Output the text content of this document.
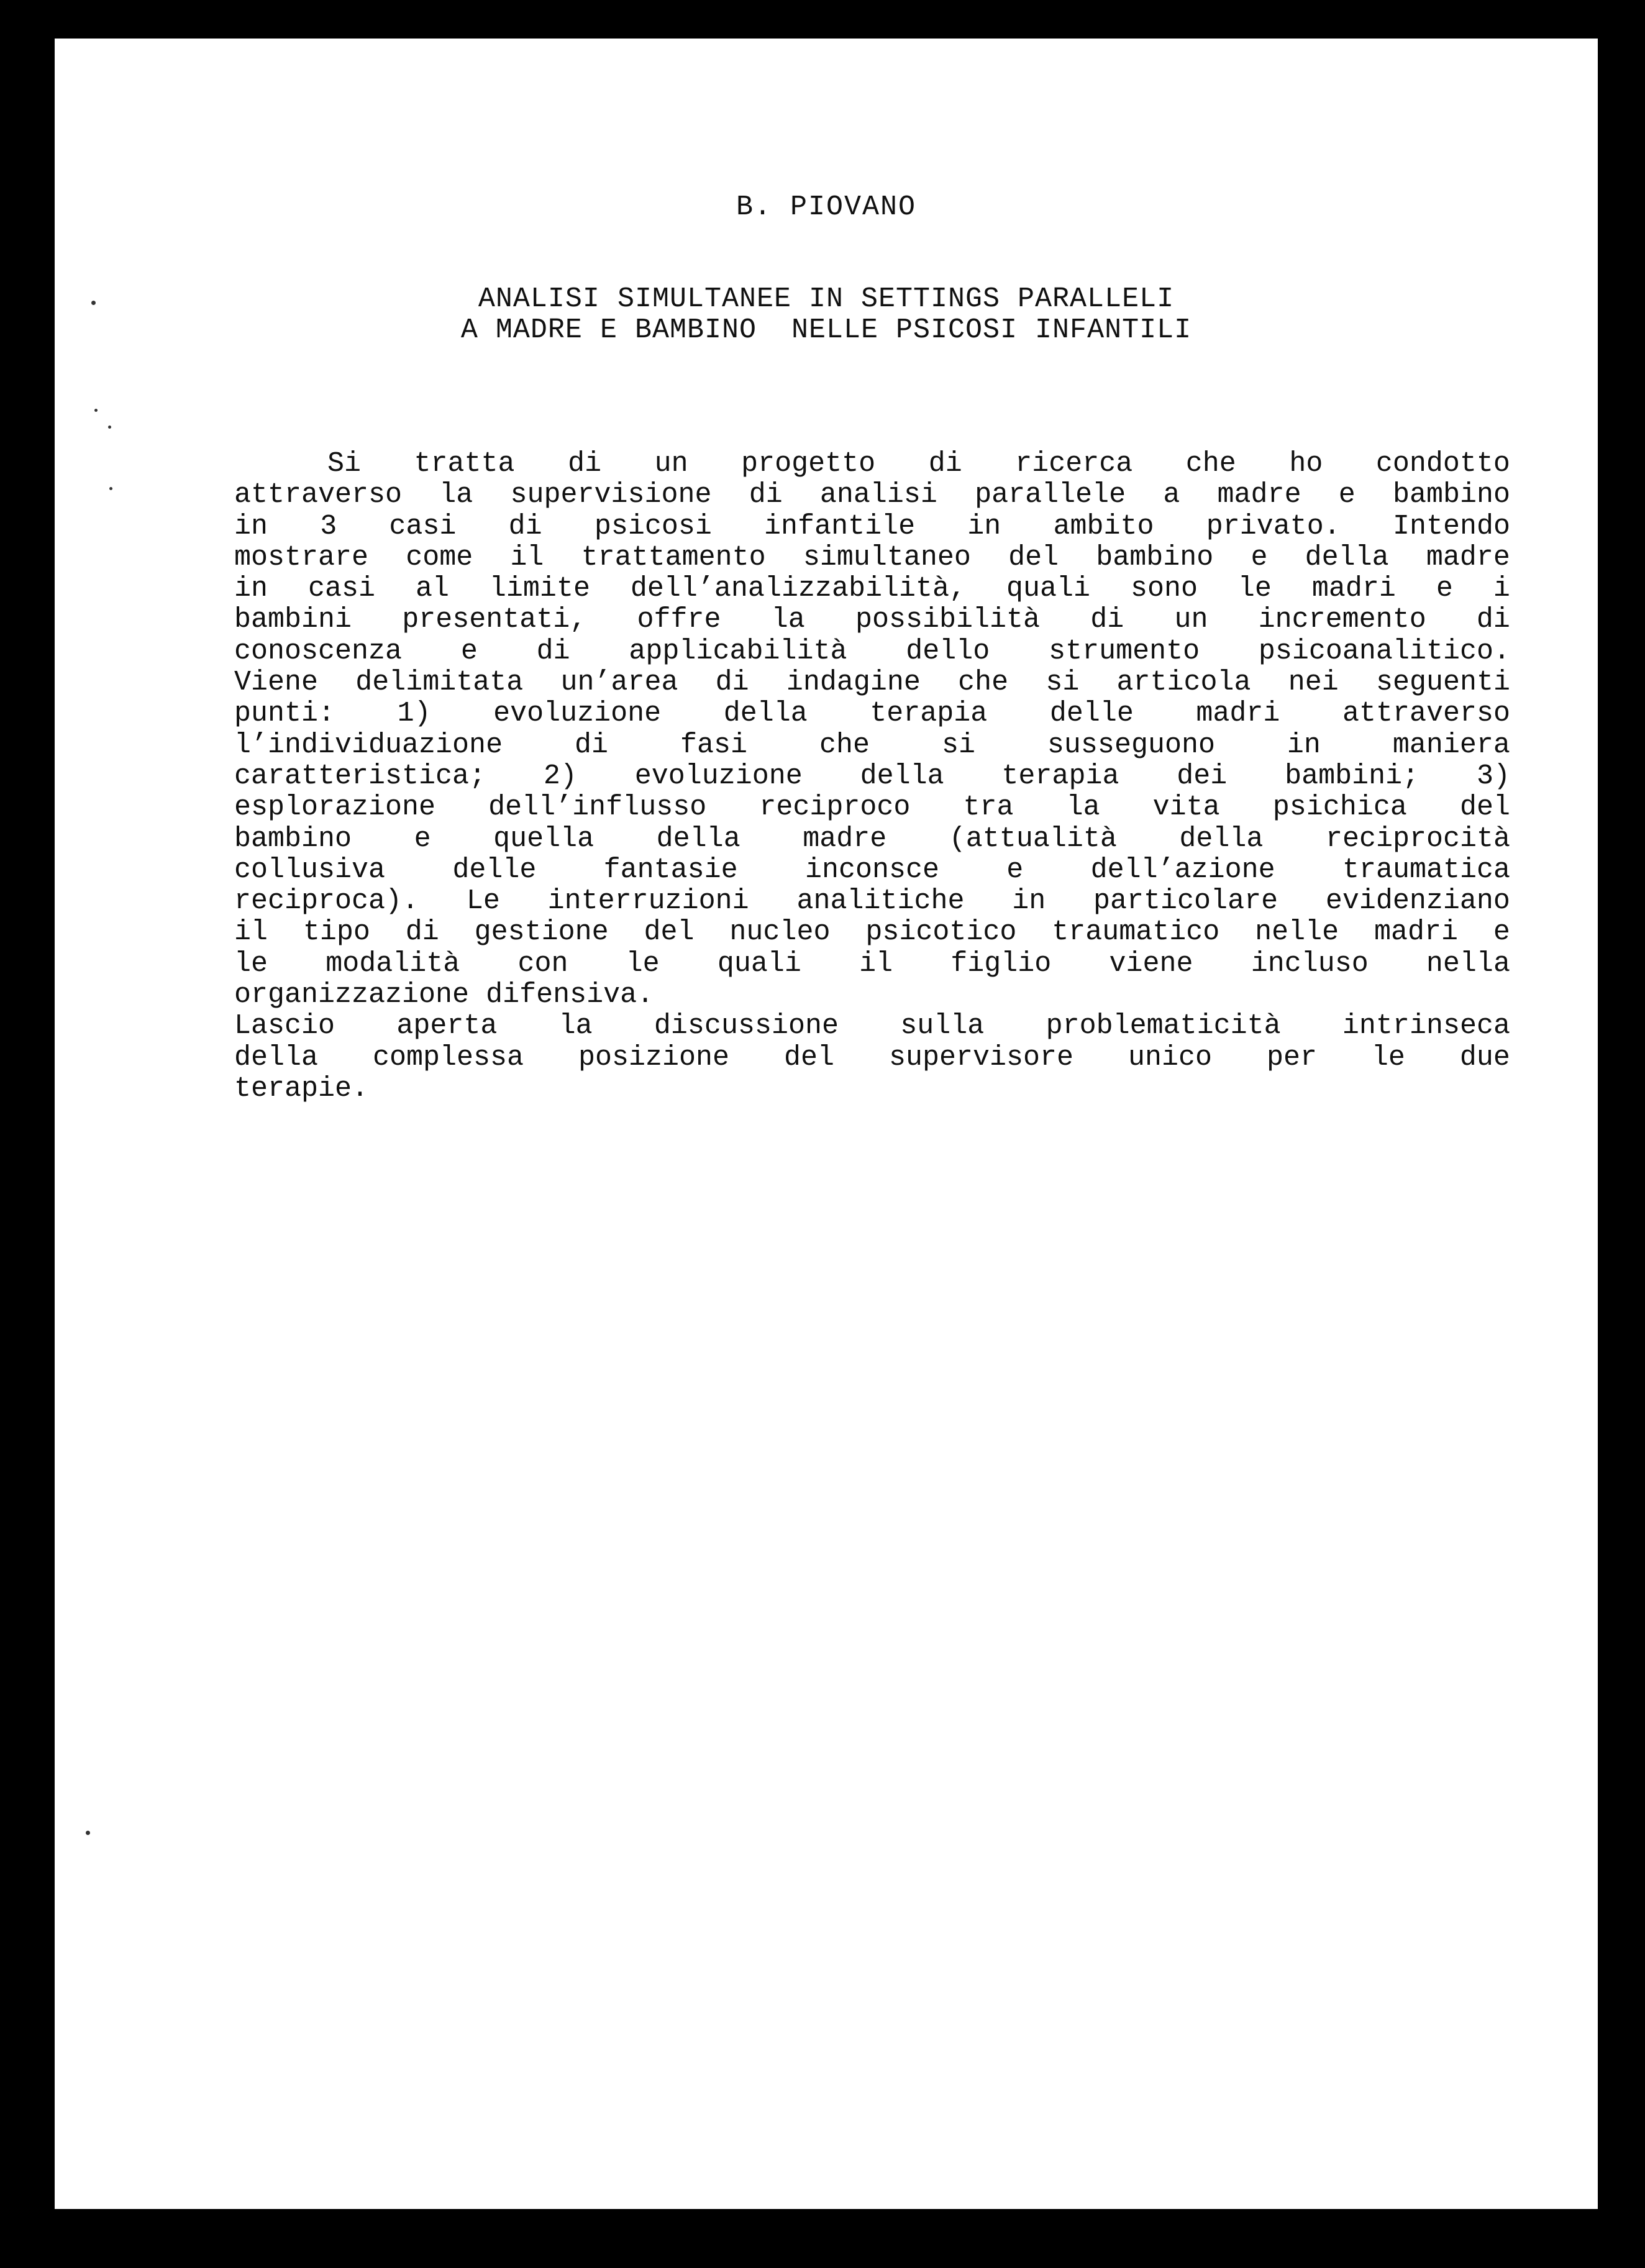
B. PIOVANO
ANALISI SIMULTANEE IN SETTINGS PARALLELI
A MADRE E BAMBINO  NELLE PSICOSI INFANTILI
Si tratta di un progetto di ricerca che ho condotto
attraverso la supervisione di analisi parallele a madre e bambino
in 3 casi di psicosi infantile in ambito privato. Intendo
mostrare come il trattamento simultaneo del bambino e della madre
in casi al limite dell’analizzabilità, quali sono le madri e i
bambini presentati, offre la possibilità di un incremento di
conoscenza e di applicabilità dello strumento psicoanalitico.
Viene delimitata un’area di indagine che si articola nei seguenti
punti: 1) evoluzione della terapia delle madri attraverso
l’individuazione	di	fasi	che	si	susseguono	in	maniera
caratteristica; 2) evoluzione della terapia dei bambini; 3)
esplorazione dell’influsso reciproco tra la vita psichica del
bambino e quella della madre (attualità della reciprocità
collusiva delle fantasie inconsce e dell’azione traumatica
reciproca). Le interruzioni analitiche in particolare evidenziano
il tipo di gestione del nucleo psicotico traumatico nelle madri e
le modalità con le quali il figlio viene incluso nella
organizzazione difensiva.
Lascio aperta la discussione sulla problematicità intrinseca
della complessa posizione del supervisore unico per le due
terapie.
